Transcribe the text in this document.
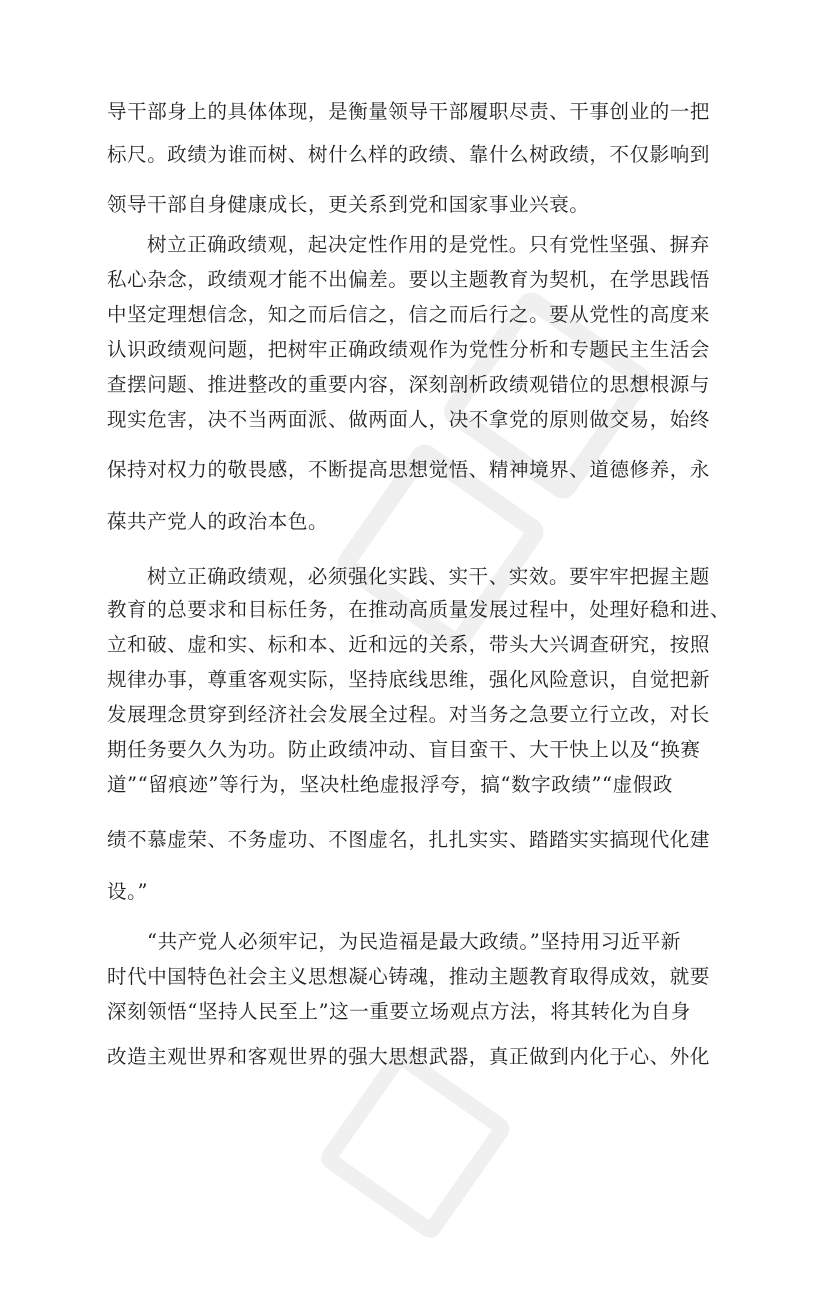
导干部身上的具体体现，是衡量领导干部履职尽责、干事创业的一把
标尺。政绩为谁而树、树什么样的政绩、靠什么树政绩，不仅影响到
领导干部自身健康成长，更关系到党和国家事业兴衰。
树立正确政绩观，起决定性作用的是党性。只有党性坚强、摒弃
私心杂念，政绩观才能不出偏差。要以主题教育为契机，在学思践悟
中坚定理想信念，知之而后信之，信之而后行之。要从党性的高度来
认识政绩观问题，把树牢正确政绩观作为党性分析和专题民主生活会
查摆问题、推进整改的重要内容，深刻剖析政绩观错位的思想根源与
现实危害，决不当两面派、做两面人，决不拿党的原则做交易，始终
保持对权力的敬畏感，不断提高思想觉悟、精神境界、道德修养，永
葆共产党人的政治本色。
树立正确政绩观，必须强化实践、实干、实效。要牢牢把握主题
教育的总要求和目标任务，在推动高质量发展过程中，处理好稳和进、
立和破、虚和实、标和本、近和远的关系，带头大兴调查研究，按照
规律办事，尊重客观实际，坚持底线思维，强化风险意识，自觉把新
发展理念贯穿到经济社会发展全过程。对当务之急要立行立改，对长
期任务要久久为功。防止政绩冲动、盲目蛮干、大干快上以及“换赛
道”“留痕迹”等行为，坚决杜绝虚报浮夸，搞“数字政绩”“虚假政
绩不慕虚荣、不务虚功、不图虚名，扎扎实实、踏踏实实搞现代化建
设。”
“共产党人必须牢记，为民造福是最大政绩。”坚持用习近平新
时代中国特色社会主义思想凝心铸魂，推动主题教育取得成效，就要
深刻领悟“坚持人民至上”这一重要立场观点方法，将其转化为自身
改造主观世界和客观世界的强大思想武器，真正做到内化于心、外化
